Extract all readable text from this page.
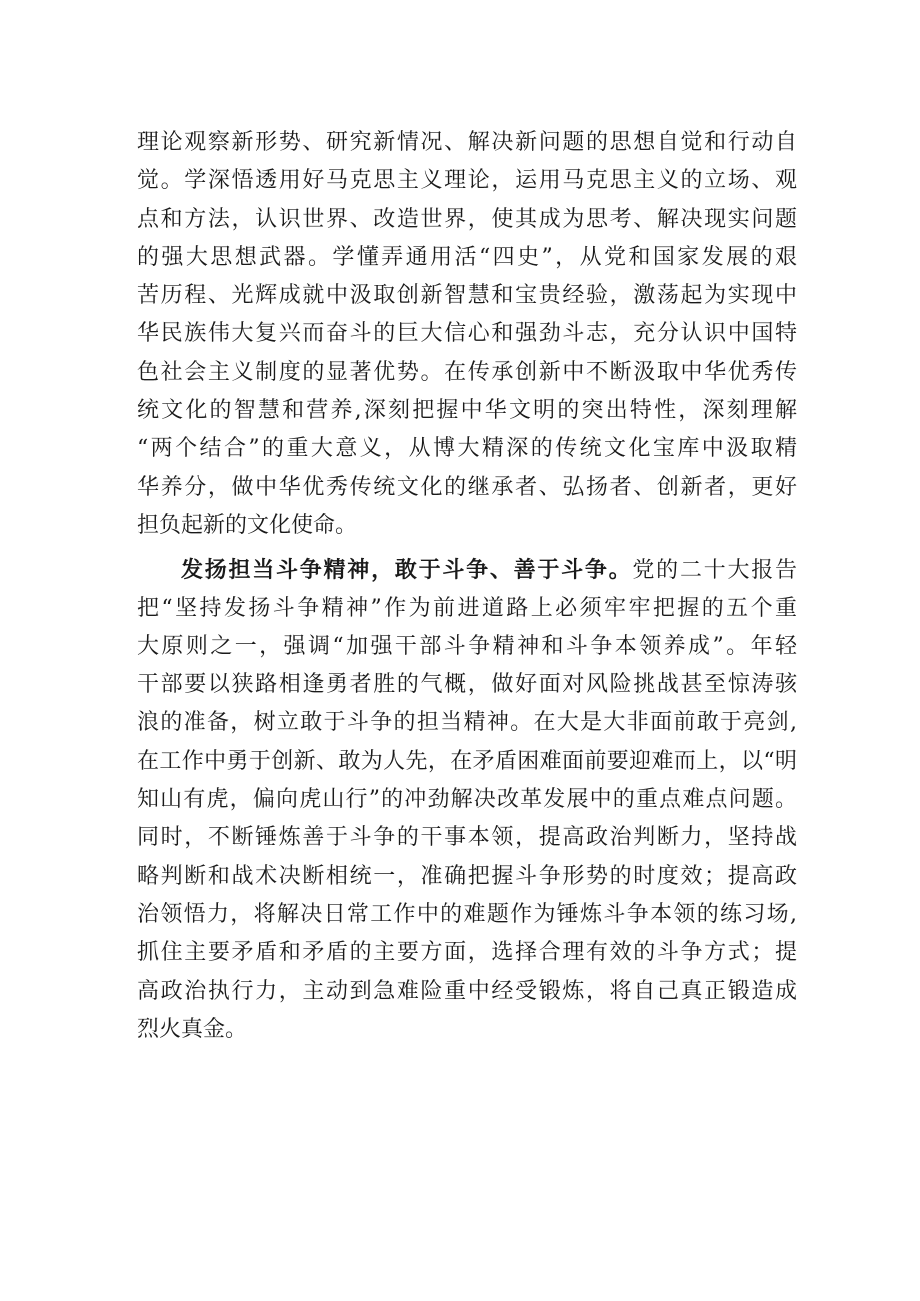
理论观察新形势、研究新情况、解决新问题的思想自觉和行动自
觉。学深悟透用好马克思主义理论，运用马克思主义的立场、观
点和方法，认识世界、改造世界，使其成为思考、解决现实问题
的强大思想武器。学懂弄通用活“四史”，从党和国家发展的艰
苦历程、光辉成就中汲取创新智慧和宝贵经验，激荡起为实现中
华民族伟大复兴而奋斗的巨大信心和强劲斗志，充分认识中国特
色社会主义制度的显著优势。在传承创新中不断汲取中华优秀传
统文化的智慧和营养,深刻把握中华文明的突出特性，深刻理解
“两个结合”的重大意义，从博大精深的传统文化宝库中汲取精
华养分，做中华优秀传统文化的继承者、弘扬者、创新者，更好
担负起新的文化使命。
发扬担当斗争精神，敢于斗争、善于斗争。党的二十大报告
把“坚持发扬斗争精神”作为前进道路上必须牢牢把握的五个重
大原则之一，强调“加强干部斗争精神和斗争本领养成”。年轻
干部要以狭路相逢勇者胜的气概，做好面对风险挑战甚至惊涛骇
浪的准备，树立敢于斗争的担当精神。在大是大非面前敢于亮剑,
在工作中勇于创新、敢为人先，在矛盾困难面前要迎难而上，以“明
知山有虎，偏向虎山行”的冲劲解决改革发展中的重点难点问题。
同时，不断锤炼善于斗争的干事本领，提高政治判断力，坚持战
略判断和战术决断相统一，准确把握斗争形势的时度效；提高政
治领悟力，将解决日常工作中的难题作为锤炼斗争本领的练习场,
抓住主要矛盾和矛盾的主要方面，选择合理有效的斗争方式；提
高政治执行力，主动到急难险重中经受锻炼，将自己真正锻造成
烈火真金。
